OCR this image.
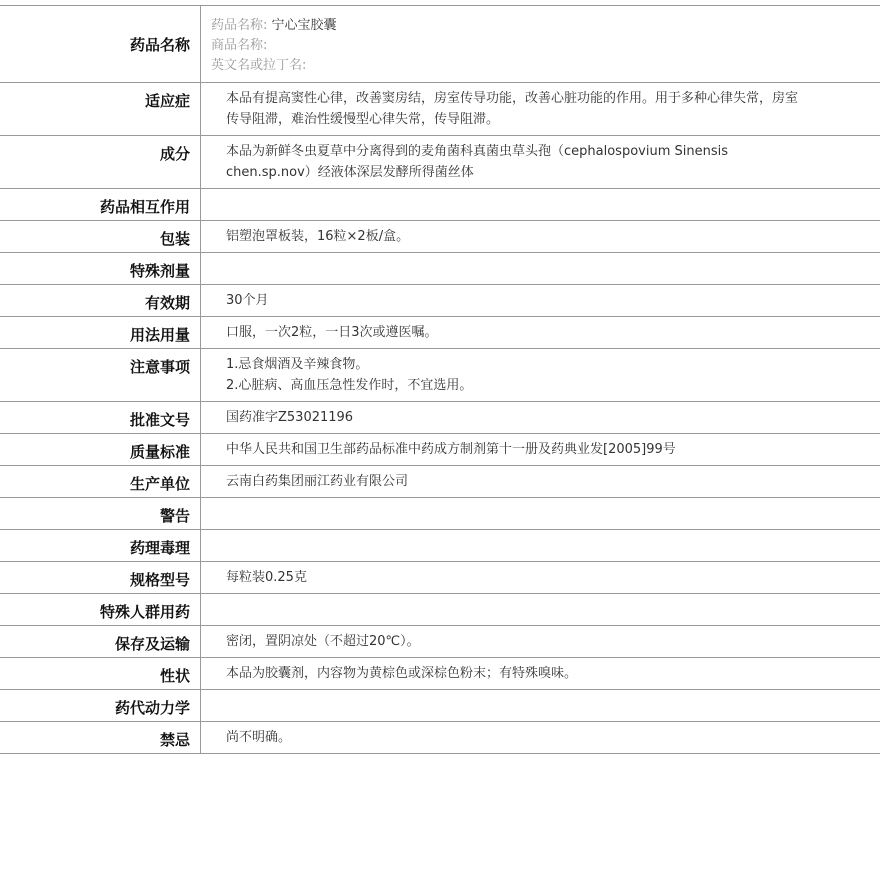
药品名称	药品名称: 宁心宝胶囊
商品名称:
英文名或拉丁名:

适应症	本品有提高窦性心律，改善窦房结，房室传导功能，改善心脏功能的作用。用于多种心律失常，房室传导阻滞，难治性缓慢型心律失常，传导阻滞。

成分	本品为新鲜冬虫夏草中分离得到的麦角菌科真菌虫草头孢（cephalospovium Sinensis chen.sp.nov）经液体深层发酵所得菌丝体

药品相互作用	

包装	铝塑泡罩板装，16粒×2板/盒。

特殊剂量	

有效期	30个月

用法用量	口服，一次2粒，一日3次或遵医嘱。

注意事项	1.忌食烟酒及辛辣食物。
2.心脏病、高血压急性发作时，不宜选用。

批准文号	国药准字Z53021196

质量标准	中华人民共和国卫生部药品标准中药成方制剂第十一册及药典业发[2005]99号

生产单位	云南白药集团丽江药业有限公司

警告	

药理毒理	

规格型号	每粒装0.25克

特殊人群用药	

保存及运输	密闭，置阴凉处（不超过20℃）。

性状	本品为胶囊剂，内容物为黄棕色或深棕色粉末；有特殊嗅味。

药代动力学	

禁忌	尚不明确。
